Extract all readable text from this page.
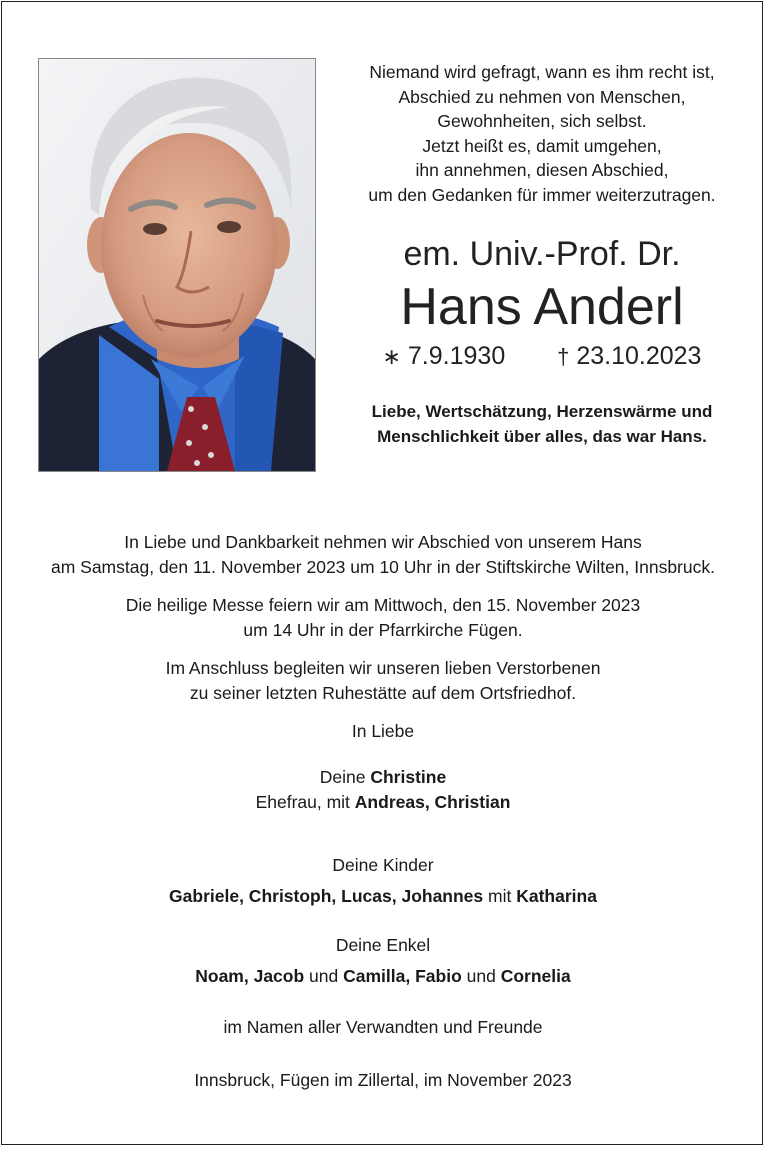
Niemand wird gefragt, wann es ihm recht ist,

Abschied zu nehmen von Menschen,

Gewohnheiten, sich selbst.

Jetzt heißt es, damit umgehen,

ihn annehmen, diesen Abschied,

um den Gedanken für immer weiterzutragen.

em. Univ.-Prof. Dr.
Hans Anderl
∗ 7.9.1930 † 23.10.2023

Liebe, Wertschätzung, Herzenswärme und

Menschlichkeit über alles, das war Hans.

In Liebe und Dankbarkeit nehmen wir Abschied von unserem Hans

am Samstag, den 11. November 2023 um 10 Uhr in der Stiftskirche Wilten, Innsbruck.

Die heilige Messe feiern wir am Mittwoch, den 15. November 2023

um 14 Uhr in der Pfarrkirche Fügen.

Im Anschluss begleiten wir unseren lieben Verstorbenen

zu seiner letzten Ruhestätte auf dem Ortsfriedhof.

In Liebe

Deine Christine

Ehefrau, mit Andreas, Christian

Deine Kinder

Gabriele, Christoph, Lucas, Johannes mit Katharina

Deine Enkel

Noam, Jacob und Camilla, Fabio und Cornelia

im Namen aller Verwandten und Freunde

Innsbruck, Fügen im Zillertal, im November 2023
